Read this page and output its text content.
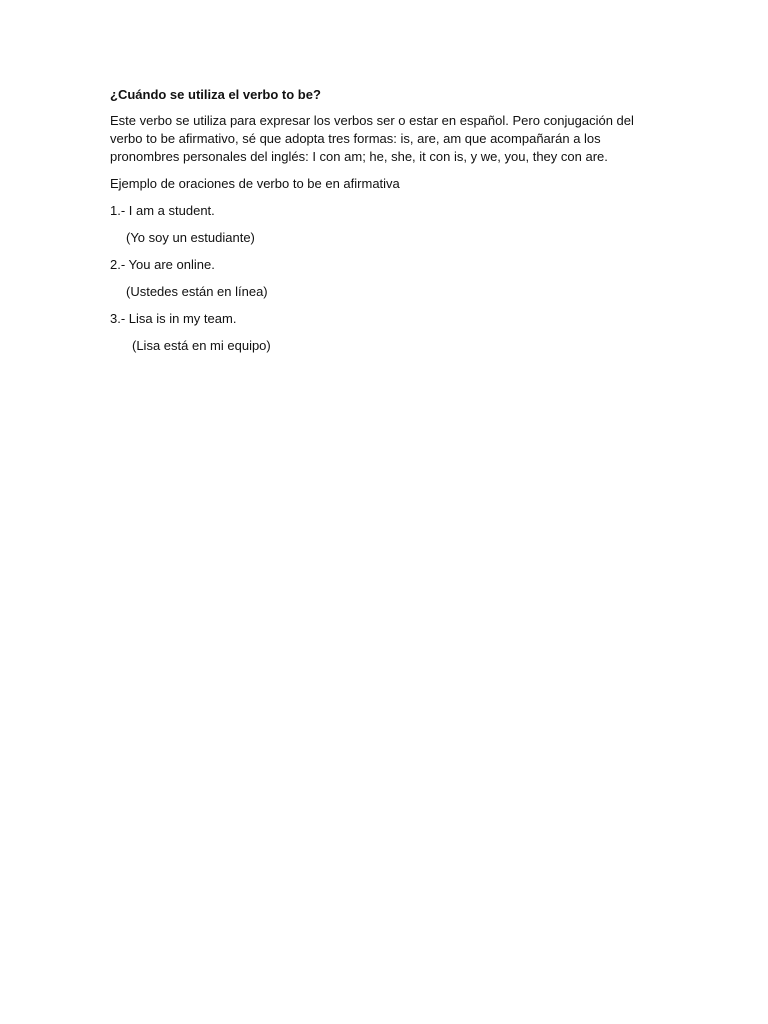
¿Cuándo se utiliza el verbo to be?

Este verbo se utiliza para expresar los verbos ser o estar en español. Pero conjugación del verbo to be afirmativo, sé que adopta tres formas: is, are, am que acompañarán a los pronombres personales del inglés: I con am; he, she, it con is, y we, you, they con are.

Ejemplo de oraciones de verbo to be en afirmativa

1.- I am a student.

(Yo soy un estudiante)

2.- You are online.

(Ustedes están en línea)

3.- Lisa is in my team.

(Lisa está en mi equipo)
